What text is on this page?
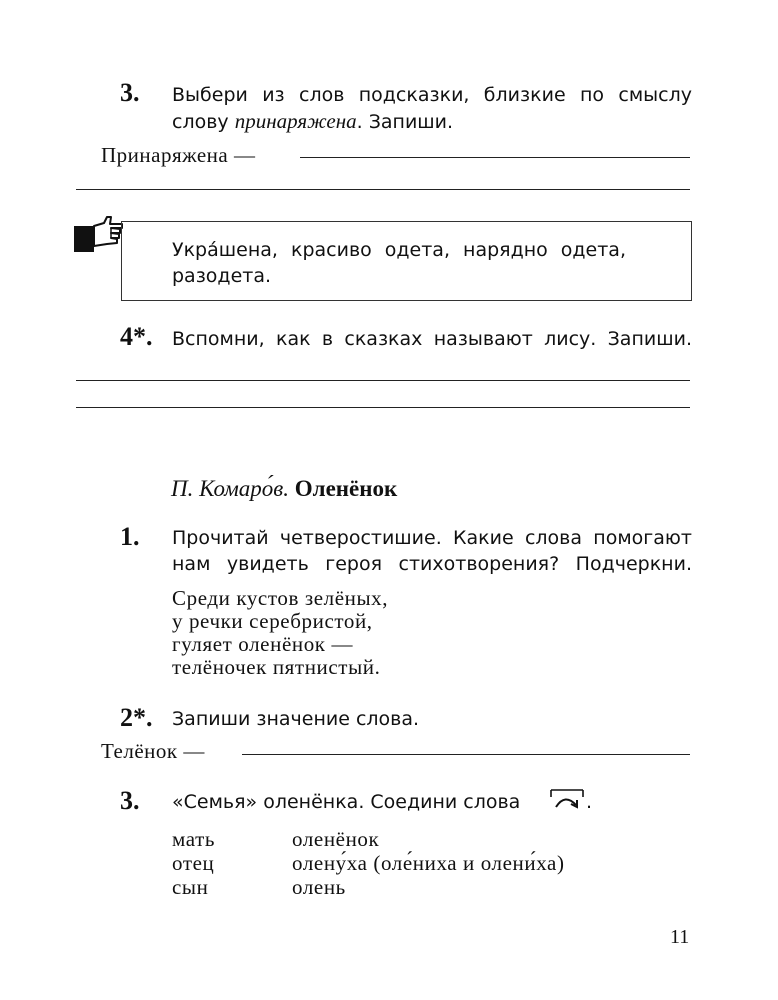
3. Выбери из слов подсказки, близкие по смыслу
слову принаряжена. Запиши.
Принаряжена —
Укра́шена, красиво одета, нарядно одета,
разодета.
4*. Вспомни, как в сказках называют лису. Запиши.
П. Комаро́в. Оленёнок
1. Прочитай четверостишие. Какие слова помогают
нам увидеть героя стихотворения? Подчеркни.
Среди кустов зелёных,
у речки серебристой,
гуляет оленёнок —
телёночек пятнистый.
2*. Запиши значение слова.
Телёнок —
3. «Семья» оленёнка. Соедини слова	.
мать
отец
сын
оленёнок
олену́ха (оле́ниха и олени́ха)
олень
11
